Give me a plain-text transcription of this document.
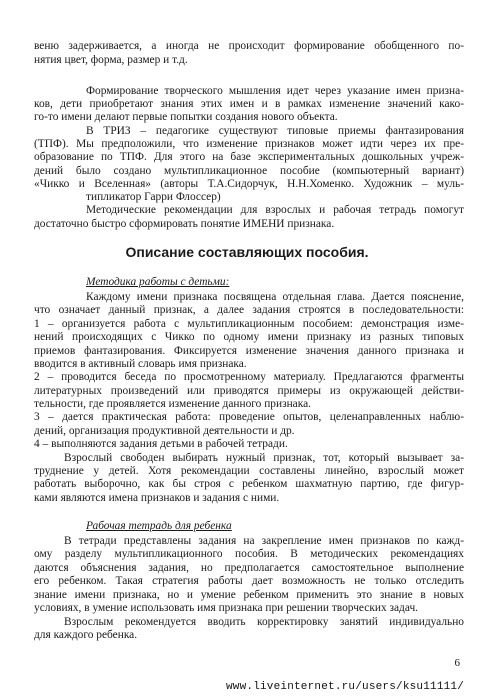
веню задерживается, а иногда не происходит формирование обобщенного по-
нятия цвет, форма, размер и т.д.
Формирование творческого мышления идет через указание имен призна-
ков, дети приобретают знания этих имен и в рамках изменение значений како-
го-то имени делают первые попытки создания нового объекта.
В ТРИЗ – педагогике существуют типовые приемы фантазирования
(ТПФ). Мы предположили, что изменение признаков может идти через их пре-
образование по ТПФ. Для этого на базе экспериментальных дошкольных учреж-
дений было создано мультипликационное пособие (компьютерный вариант)
«Чикко и Вселенная» (авторы Т.А.Сидорчук, Н.Н.Хоменко. Художник – муль-
типликатор Гарри Флоссер)
Методические рекомендации для взрослых и рабочая тетрадь помогут
достаточно быстро сформировать понятие ИМЕНИ признака.
Описание составляющих пособия.
Методика работы с детьми:
Каждому имени признака посвящена отдельная глава. Дается пояснение,
что означает данный признак, а далее задания строятся в последовательности:
1 – организуется работа с мультипликационным пособием: демонстрация изме-
нений происходящих с Чикко по одному имени признаку из разных типовых
приемов фантазирования. Фиксируется изменение значения данного признака и
вводится в активный словарь имя признака.
2 – проводится беседа по просмотренному материалу. Предлагаются фрагменты
литературных произведений или приводятся примеры из окружающей действи-
тельности, где проявляется изменение данного признака.
3 – дается практическая работа: проведение опытов, целенаправленных наблю-
дений, организация продуктивной деятельности и др.
4 – выполняются задания детьми в рабочей тетради.
Взрослый свободен выбирать нужный признак, тот, который вызывает за-
труднение у детей. Хотя рекомендации составлены линейно, взрослый может
работать выборочно, как бы строя с ребенком шахматную партию, где фигур-
ками являются имена признаков и задания с ними.
Рабочая тетрадь для ребенка
В тетради представлены задания на закрепление имен признаков по кажд-
ому разделу мультипликационного пособия. В методических рекомендациях
даются объяснения задания, но предполагается самостоятельное выполнение
его ребенком. Такая стратегия работы дает возможность не только отследить
знание имени признака, но и умение ребенком применить это знание в новых
условиях, в умение использовать имя признака при решении творческих задач.
Взрослым рекомендуется вводить корректировку занятий индивидуально
для каждого ребенка.
6
www.liveinternet.ru/users/ksu11111/
